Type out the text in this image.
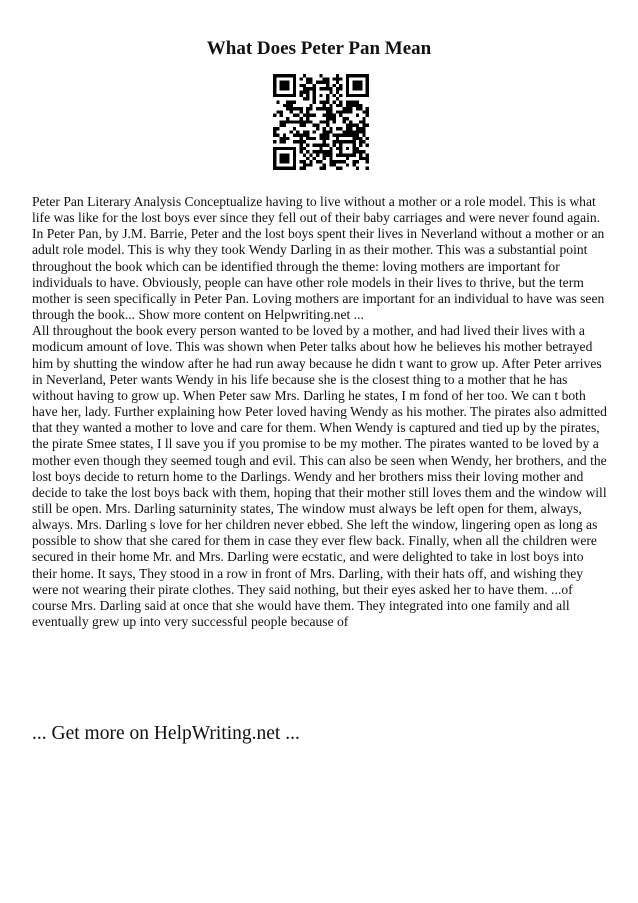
What Does Peter Pan Mean

Peter Pan Literary Analysis Conceptualize having to live without a mother or a role model. This is what life was like for the lost boys ever since they fell out of their baby carriages and were never found again. In Peter Pan, by J.M. Barrie, Peter and the lost boys spent their lives in Neverland without a mother or an adult role model. This is why they took Wendy Darling in as their mother. This was a substantial point throughout the book which can be identified through the theme: loving mothers are important for individuals to have. Obviously, people can have other role models in their lives to thrive, but the term mother is seen specifically in Peter Pan. Loving mothers are important for an individual to have was seen through the book... Show more content on Helpwriting.net ...

All throughout the book every person wanted to be loved by a mother, and had lived their lives with a modicum amount of love. This was shown when Peter talks about how he believes his mother betrayed him by shutting the window after he had run away because he didn t want to grow up. After Peter arrives in Neverland, Peter wants Wendy in his life because she is the closest thing to a mother that he has without having to grow up. When Peter saw Mrs. Darling he states, I m fond of her too. We can t both have her, lady. Further explaining how Peter loved having Wendy as his mother. The pirates also admitted that they wanted a mother to love and care for them. When Wendy is captured and tied up by the pirates, the pirate Smee states, I ll save you if you promise to be my mother. The pirates wanted to be loved by a mother even though they seemed tough and evil. This can also be seen when Wendy, her brothers, and the lost boys decide to return home to the Darlings. Wendy and her brothers miss their loving mother and decide to take the lost boys back with them, hoping that their mother still loves them and the window will still be open. Mrs. Darling saturninity states, The window must always be left open for them, always, always. Mrs. Darling s love for her children never ebbed. She left the window, lingering open as long as possible to show that she cared for them in case they ever flew back. Finally, when all the children were secured in their home Mr. and Mrs. Darling were ecstatic, and were delighted to take in lost boys into their home. It says, They stood in a row in front of Mrs. Darling, with their hats off, and wishing they were not wearing their pirate clothes. They said nothing, but their eyes asked her to have them. ...of course Mrs. Darling said at once that she would have them. They integrated into one family and all eventually grew up into very successful people because of

... Get more on HelpWriting.net ...
